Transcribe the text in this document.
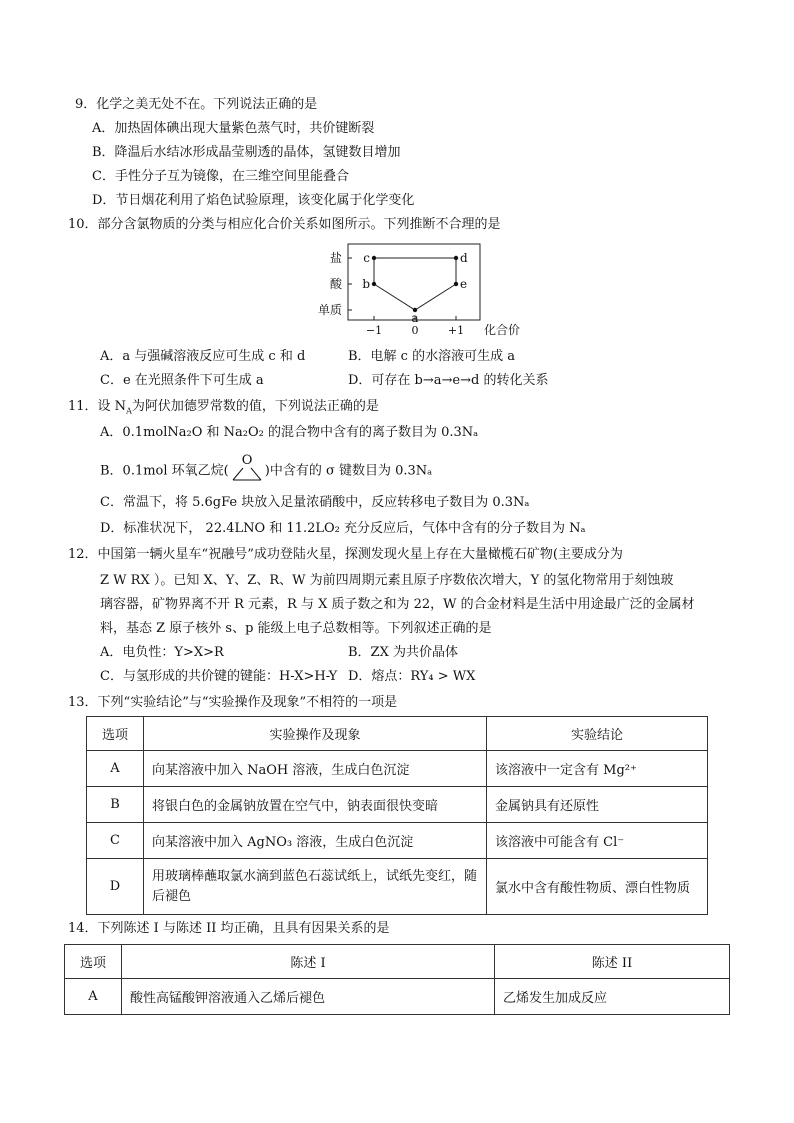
9．化学之美无处不在。下列说法正确的是
A．加热固体碘出现大量紫色蒸气时，共价键断裂
B．降温后水结冰形成晶莹剔透的晶体，氢键数目增加
C．手性分子互为镜像，在三维空间里能叠合
D．节日烟花利用了焰色试验原理，该变化属于化学变化
10．部分含氯物质的分类与相应化合价关系如图所示。下列推断不合理的是
单质
酸
盐
−1	0	+1 化合价
c
b
a
e
d
A．a 与强碱溶液反应可生成 c 和 d	B．电解 c 的水溶液可生成 a
C．e 在光照条件下可生成 a	D．可存在 b→a→e→d 的转化关系
11．设 $N_A$为阿伏加德罗常数的值，下列说法正确的是
A．0.1molNa₂O 和 Na₂O₂ 的混合物中含有的离子数目为 0.3Nₐ
B．0.1mol 环氧乙烷(
O
)中含有的 σ 键数目为 0.3Nₐ
C．常温下，将 5.6gFe 块放入足量浓硝酸中，反应转移电子数目为 0.3Nₐ
D．标准状况下， 22.4LNO 和 11.2LO₂ 充分反应后，气体中含有的分子数目为 Nₐ
12．中国第一辆火星车“祝融号”成功登陆火星，探测发现火星上存在大量橄榄石矿物(主要成分为
Z W RX ）。已知 X、Y、Z、R、W 为前四周期元素且原子序数依次增大，Y 的氢化物常用于刻蚀玻
璃容器，矿物界离不开 R 元素，R 与 X 质子数之和为 22，W 的合金材料是生活中用途最广泛的金属材
料，基态 Z 原子核外 s、p 能级上电子总数相等。下列叙述正确的是
A．电负性：Y>X>R	B．ZX 为共价晶体
C．与氢形成的共价键的键能：H-X>H-Y D．熔点：RY₄ > WX
13．下列“实验结论”与“实验操作及现象”不相符的一项是
选项	实验操作及现象	实验结论
A	向某溶液中加入 NaOH 溶液，生成白色沉淀	该溶液中一定含有 Mg²⁺
B	将银白色的金属钠放置在空气中，钠表面很快变暗	金属钠具有还原性
C	向某溶液中加入 AgNO₃ 溶液，生成白色沉淀	该溶液中可能含有 Cl⁻
D	用玻璃棒蘸取氯水滴到蓝色石蕊试纸上，试纸先变红，随后褪色	氯水中含有酸性物质、漂白性物质
14．下列陈述 I 与陈述 II 均正确，且具有因果关系的是
选项	陈述 I	陈述 II
A	酸性高锰酸钾溶液通入乙烯后褪色	乙烯发生加成反应
